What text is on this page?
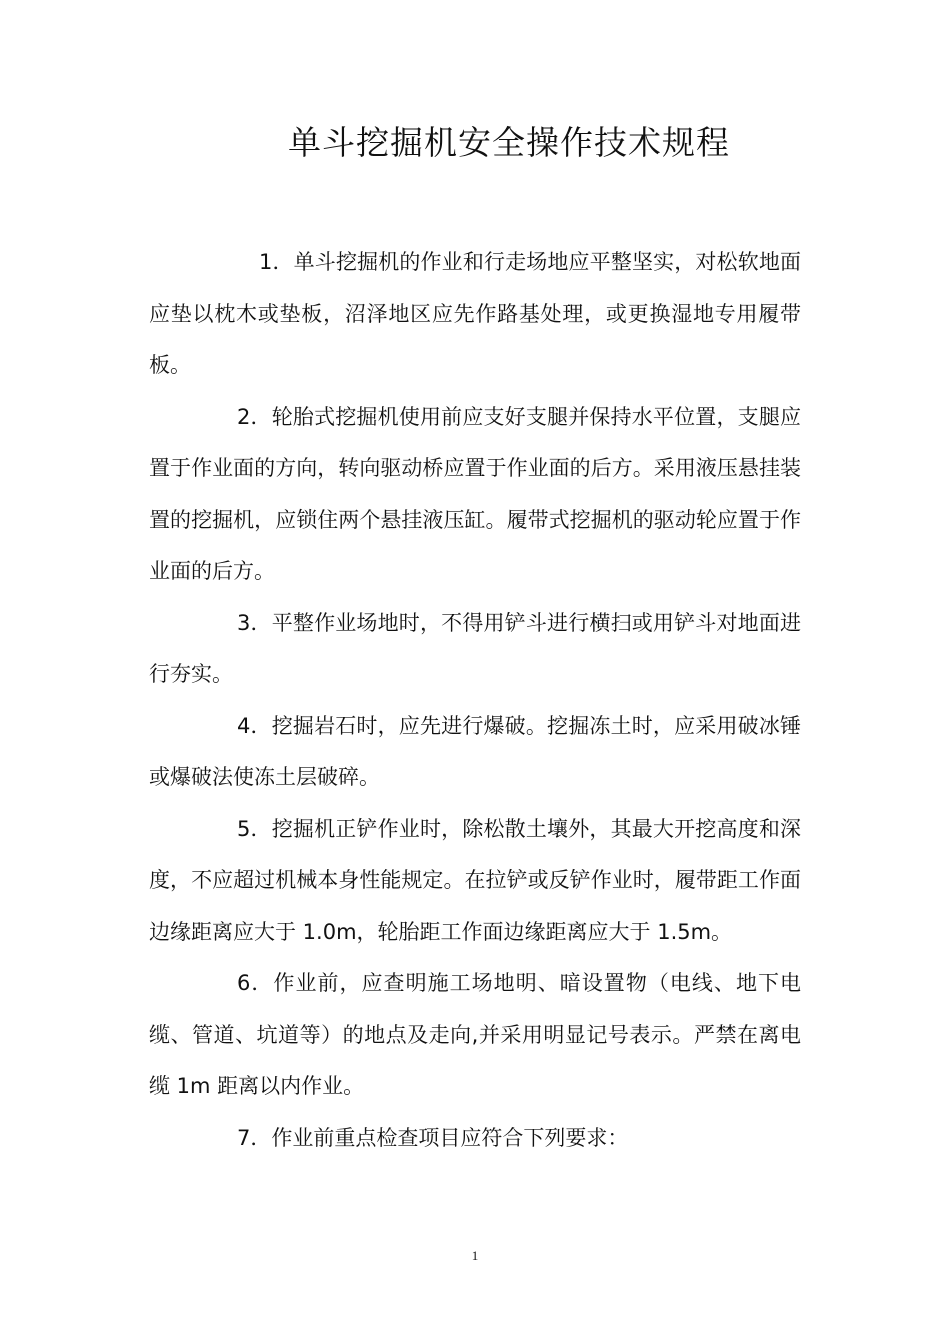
单斗挖掘机安全操作技术规程

1．单斗挖掘机的作业和行走场地应平整坚实，对松软地面应垫以枕木或垫板，沼泽地区应先作路基处理，或更换湿地专用履带板。

2．轮胎式挖掘机使用前应支好支腿并保持水平位置，支腿应置于作业面的方向，转向驱动桥应置于作业面的后方。采用液压悬挂装置的挖掘机，应锁住两个悬挂液压缸。履带式挖掘机的驱动轮应置于作业面的后方。

3．平整作业场地时，不得用铲斗进行横扫或用铲斗对地面进行夯实。

4．挖掘岩石时，应先进行爆破。挖掘冻土时，应采用破冰锤或爆破法使冻土层破碎。

5．挖掘机正铲作业时，除松散土壤外，其最大开挖高度和深度，不应超过机械本身性能规定。在拉铲或反铲作业时，履带距工作面边缘距离应大于 1.0m，轮胎距工作面边缘距离应大于 1.5m。

6．作业前，应查明施工场地明、暗设置物（电线、地下电缆、管道、坑道等）的地点及走向,并采用明显记号表示。严禁在离电缆 1m 距离以内作业。

7．作业前重点检查项目应符合下列要求：

1
